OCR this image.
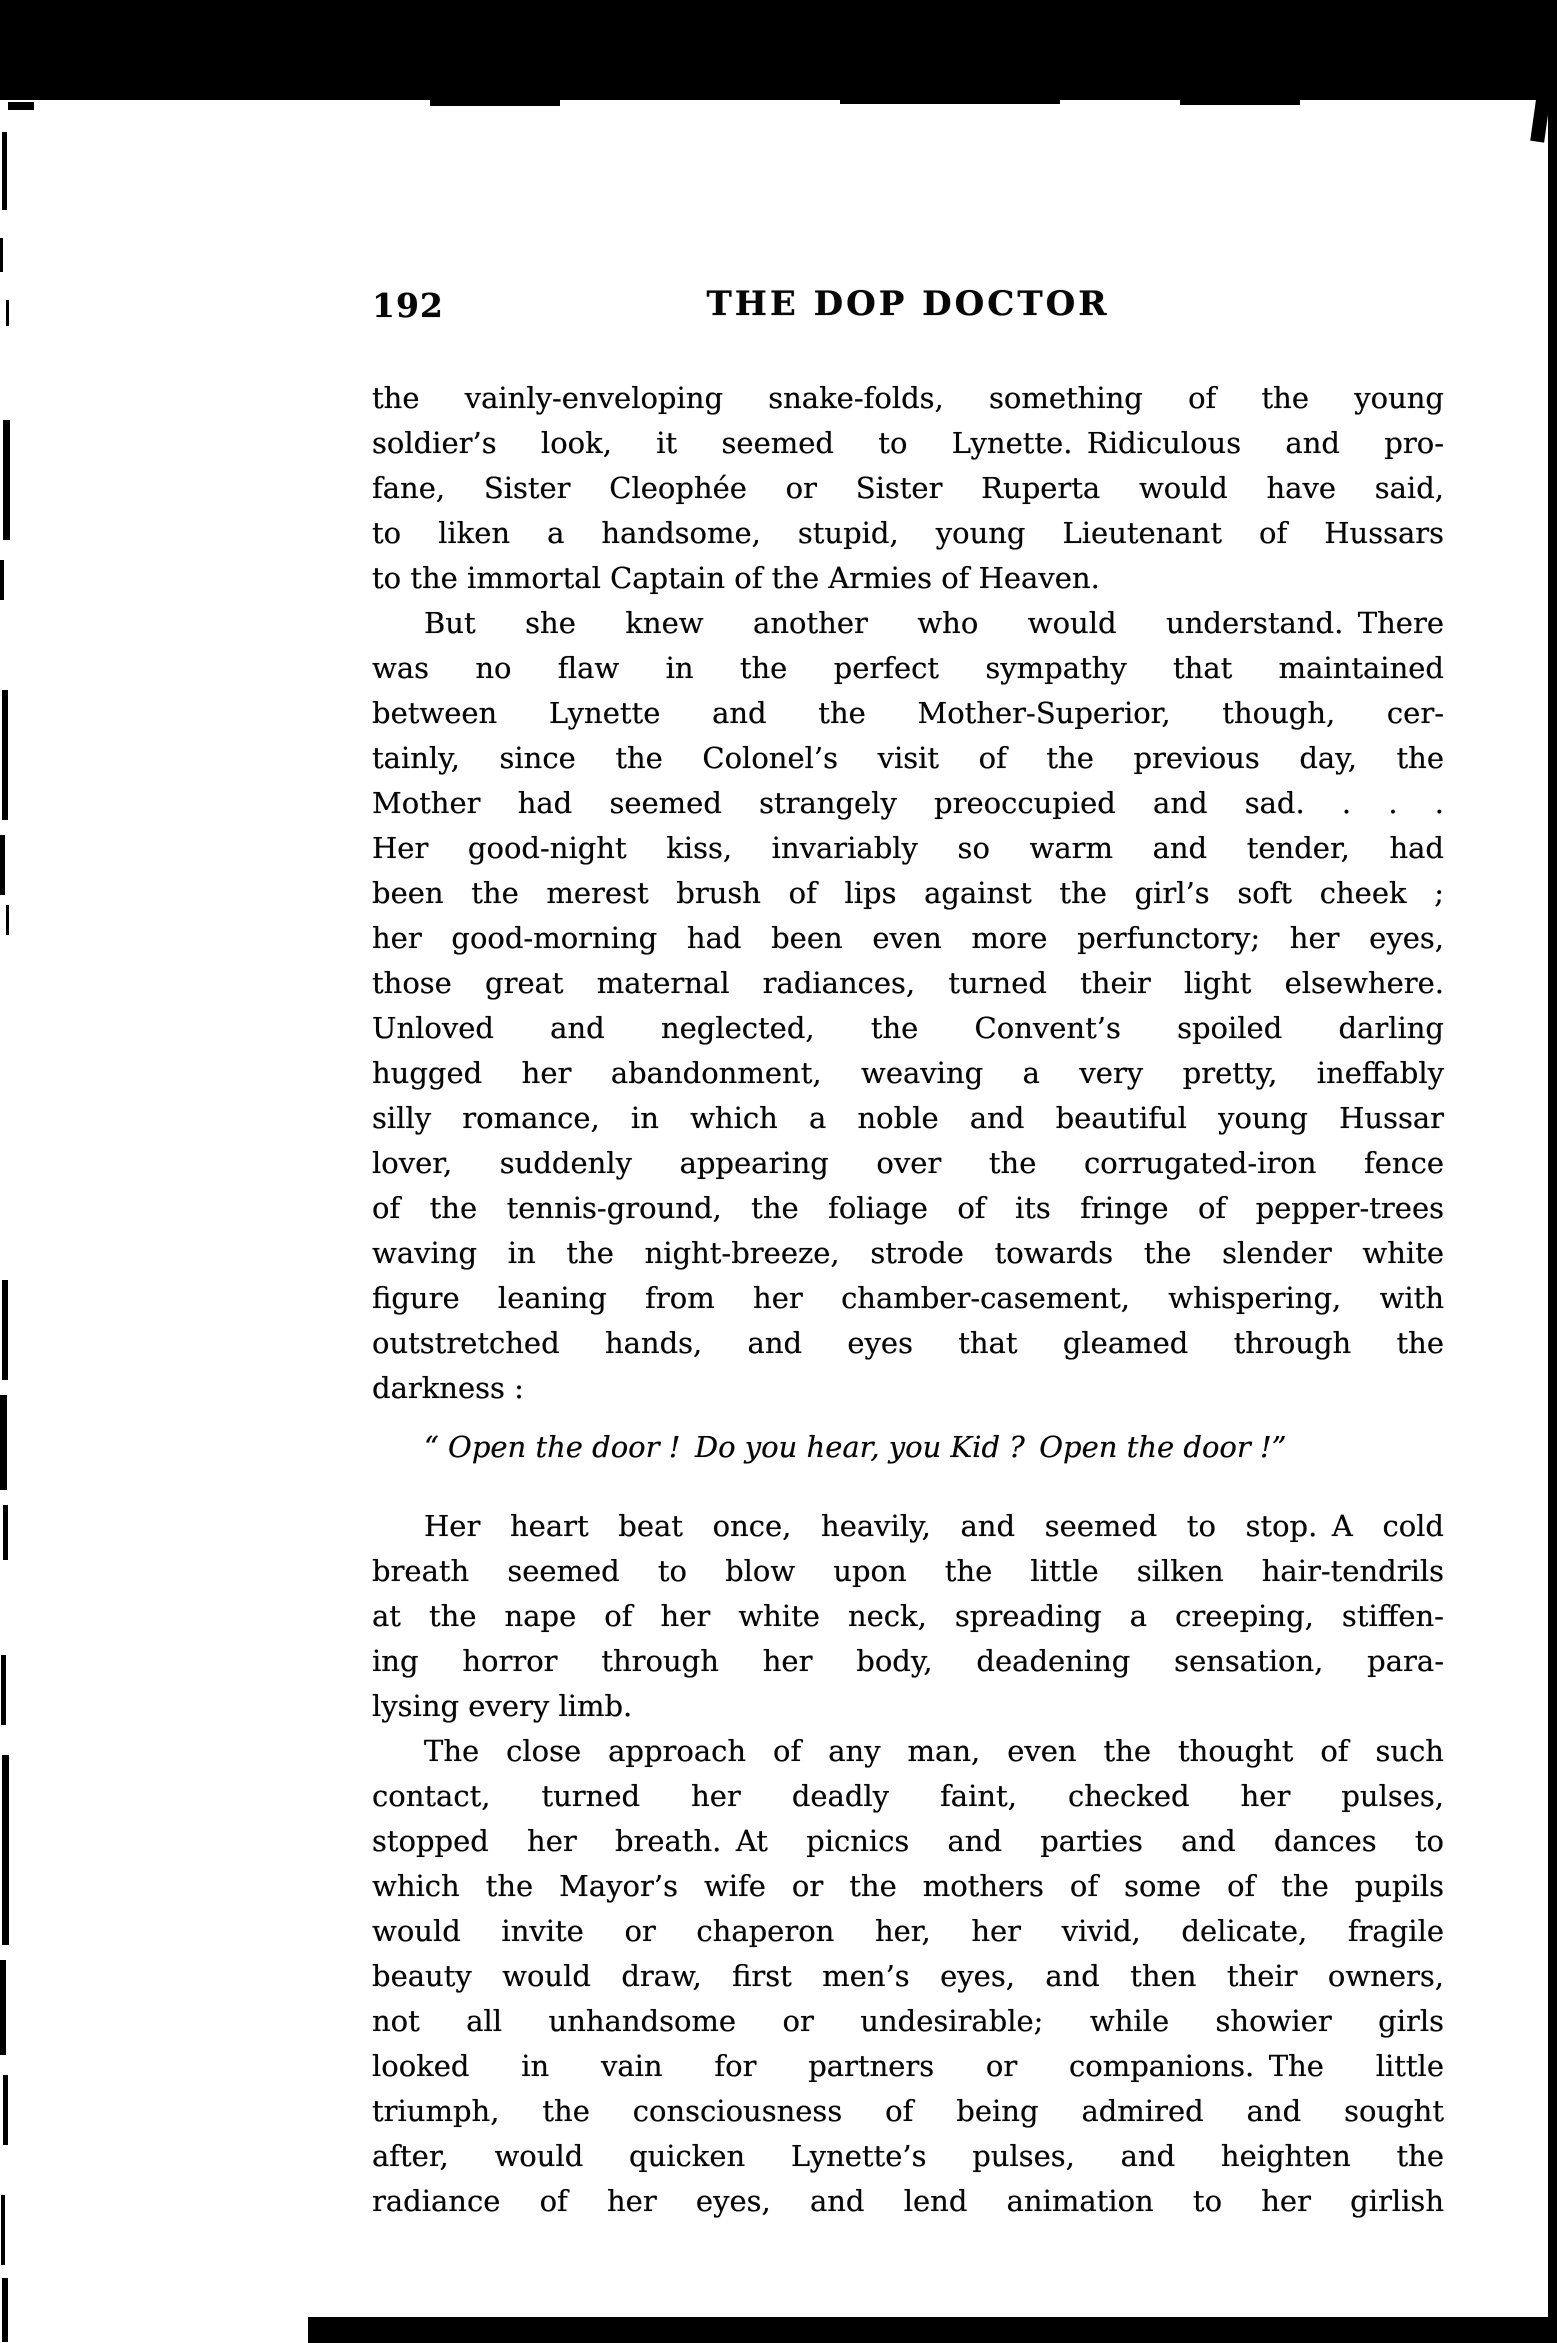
192	THE DOP DOCTOR
the vainly-enveloping snake-folds, something of the young
soldier’s look, it seemed to Lynette. Ridiculous and pro-
fane, Sister Cleophée or Sister Ruperta would have said,
to liken a handsome, stupid, young Lieutenant of Hussars
to the immortal Captain of the Armies of Heaven.
But she knew another who would understand. There
was no flaw in the perfect sympathy that maintained
between Lynette and the Mother-Superior, though, cer-
tainly, since the Colonel’s visit of the previous day, the
Mother had seemed strangely preoccupied and sad. . . .
Her good-night kiss, invariably so warm and tender, had
been the merest brush of lips against the girl’s soft cheek ;
her good-morning had been even more perfunctory; her eyes,
those great maternal radiances, turned their light elsewhere.
Unloved and neglected, the Convent’s spoiled darling
hugged her abandonment, weaving a very pretty, ineffably
silly romance, in which a noble and beautiful young Hussar
lover, suddenly appearing over the corrugated-iron fence
of the tennis-ground, the foliage of its fringe of pepper-trees
waving in the night-breeze, strode towards the slender white
figure leaning from her chamber-casement, whispering, with
outstretched hands, and eyes that gleamed through the
darkness :
“ Open the door ! Do you hear, you Kid ? Open the door !”
Her heart beat once, heavily, and seemed to stop. A cold
breath seemed to blow upon the little silken hair-tendrils
at the nape of her white neck, spreading a creeping, stiffen-
ing horror through her body, deadening sensation, para-
lysing every limb.
The close approach of any man, even the thought of such
contact, turned her deadly faint, checked her pulses,
stopped her breath. At picnics and parties and dances to
which the Mayor’s wife or the mothers of some of the pupils
would invite or chaperon her, her vivid, delicate, fragile
beauty would draw, first men’s eyes, and then their owners,
not all unhandsome or undesirable; while showier girls
looked in vain for partners or companions. The little
triumph, the consciousness of being admired and sought
after, would quicken Lynette’s pulses, and heighten the
radiance of her eyes, and lend animation to her girlish
